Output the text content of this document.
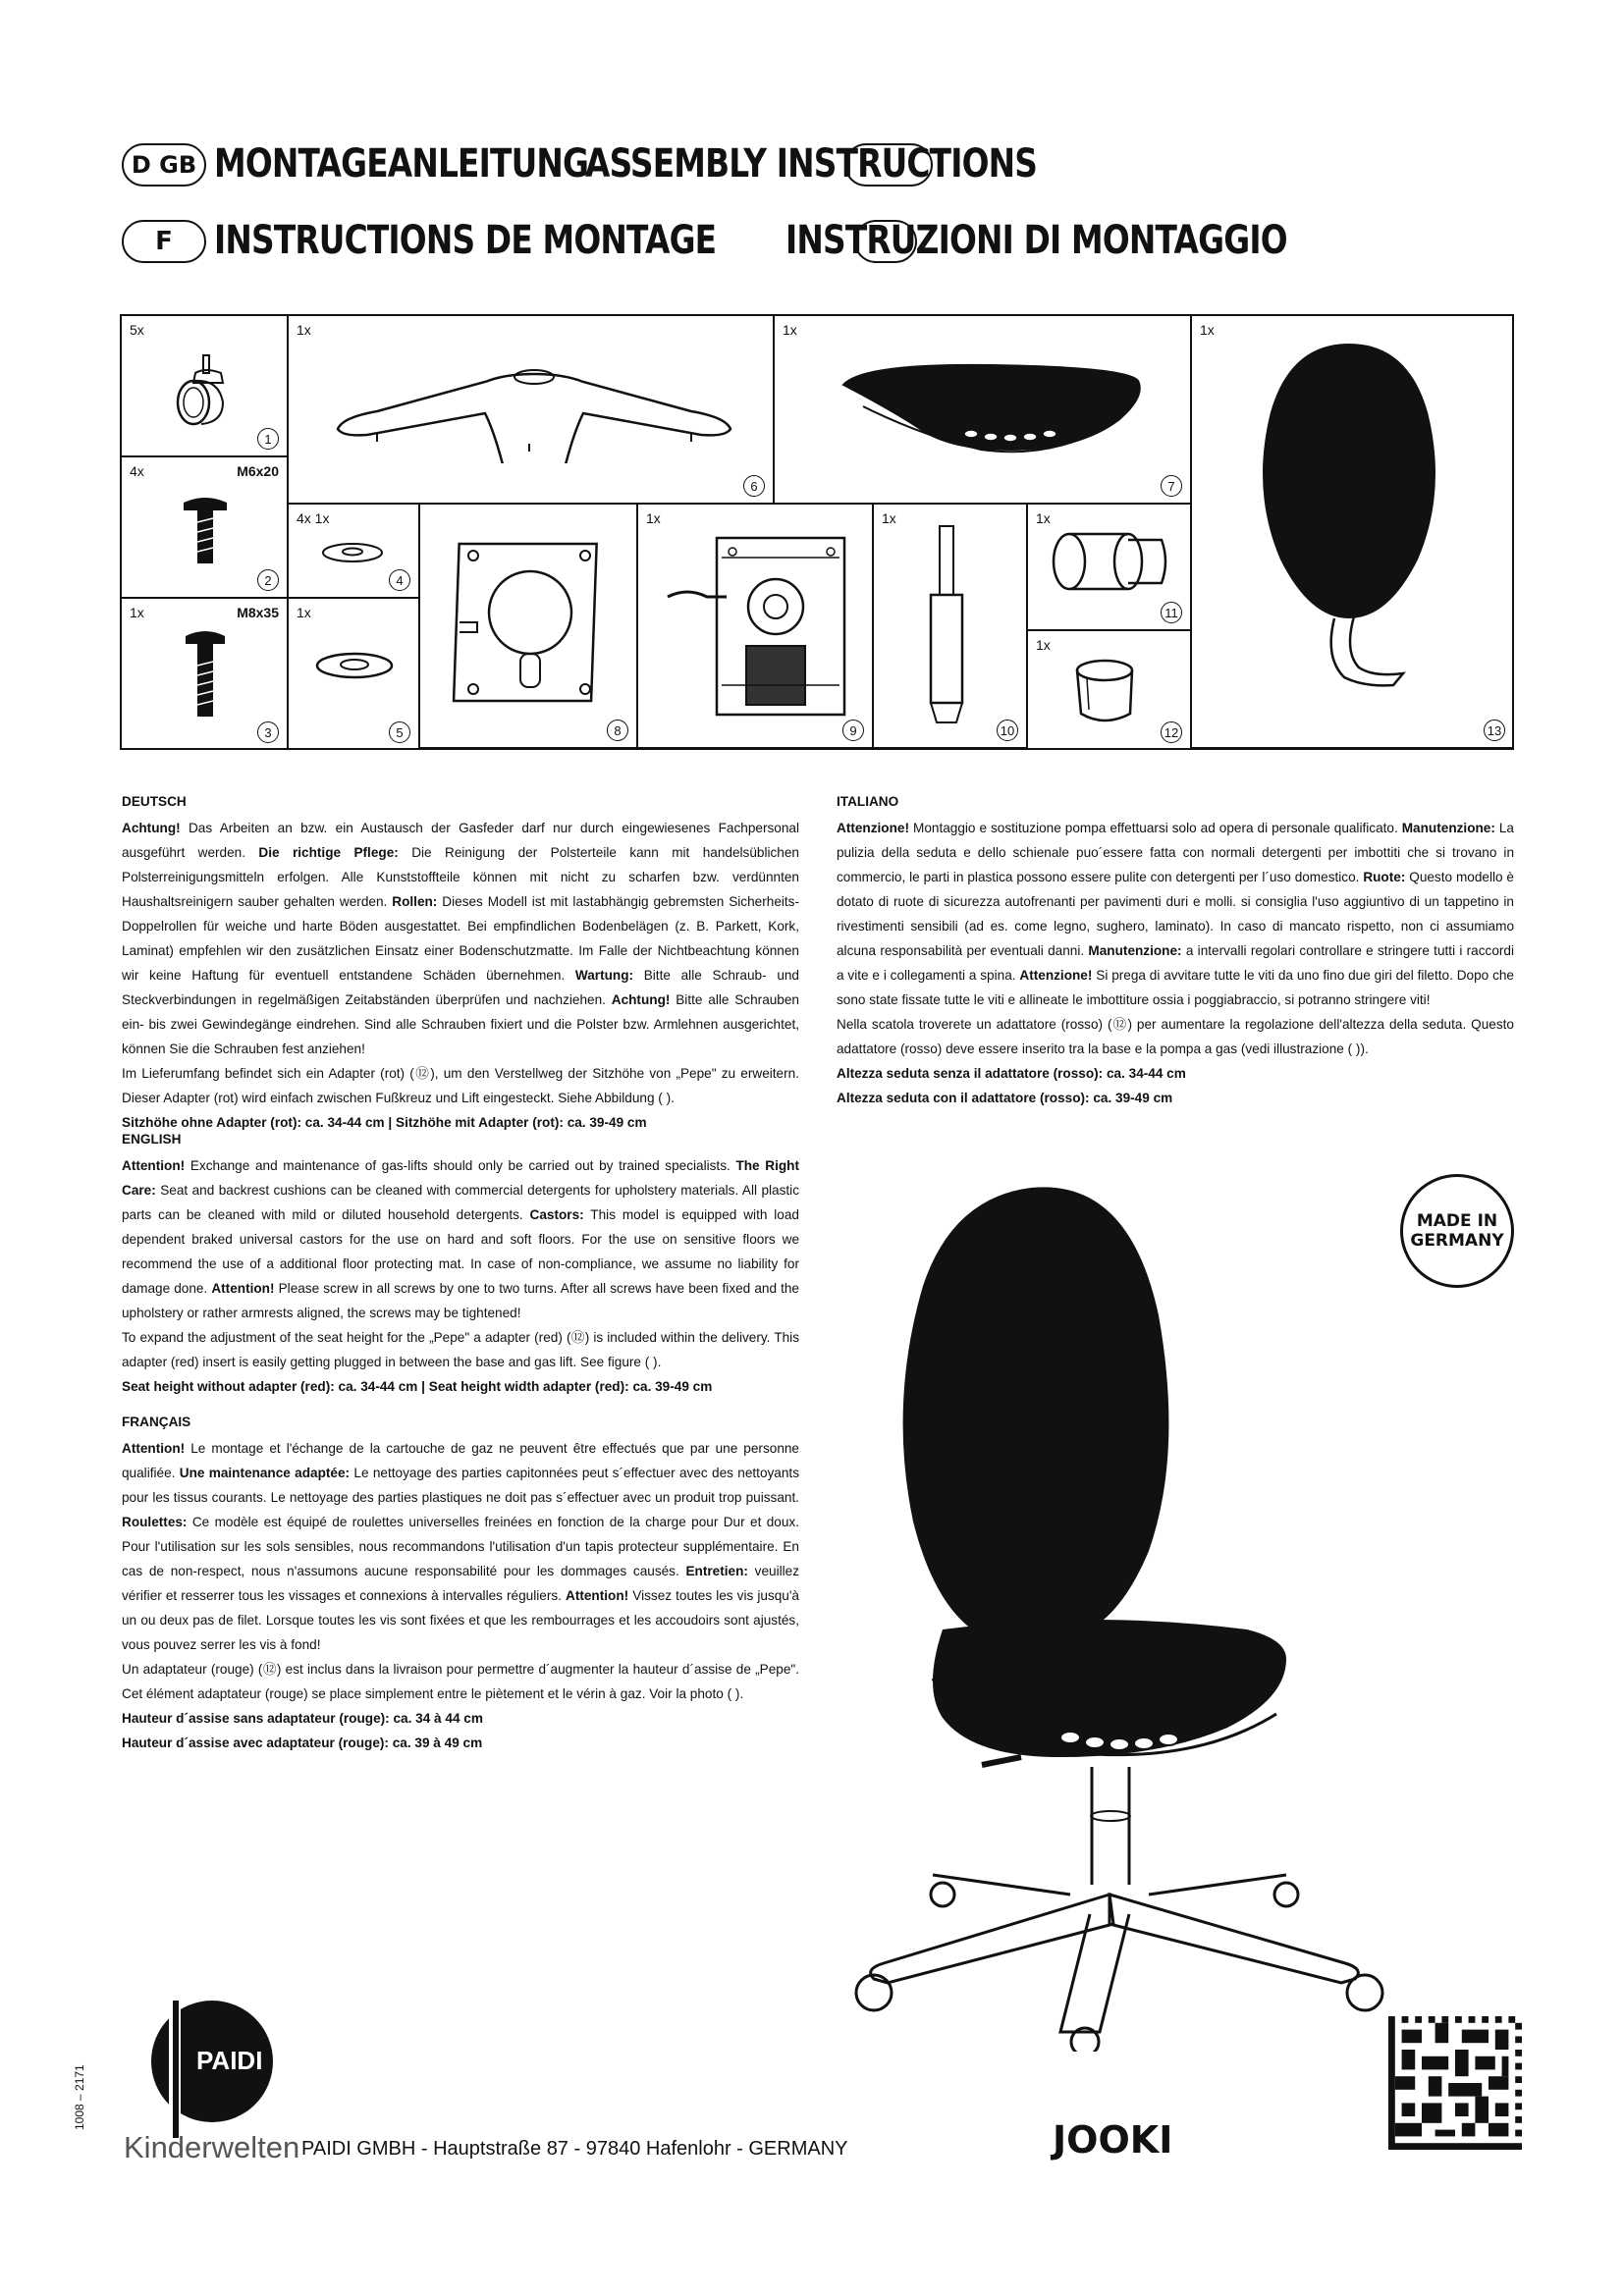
D GB MONTAGEANLEITUNG
ASSEMBLY INSTRUCTIONS
F INSTRUCTIONS DE MONTAGE INSTRUZIONI DI MONTAGGIO
5x
1
1x
6
1x
7
1x
13
4x	M6x20
2
4x 1x
4
8
1x
9
1x
10
1x
11
1x	M8x35
3
1x
5
1x
12
DEUTSCH

Achtung! Das Arbeiten an bzw. ein Austausch der Gasfeder darf nur durch eingewiesenes Fachpersonal ausgeführt werden. Die richtige Pflege: Die Reinigung der Polsterteile kann mit handelsüblichen Polsterreinigungsmitteln erfolgen. Alle Kunststoffteile können mit nicht zu scharfen bzw. verdünnten Haushaltsreinigern sauber gehalten werden. Rollen: Dieses Modell ist mit lastabhängig gebremsten Sicherheits-Doppelrollen für weiche und harte Böden ausgestattet. Bei empfindlichen Bodenbelägen (z. B. Parkett, Kork, Laminat) empfehlen wir den zusätzlichen Einsatz einer Bodenschutzmatte. Im Falle der Nichtbeachtung können wir keine Haftung für eventuell entstandene Schäden übernehmen. Wartung: Bitte alle Schraub- und Steckverbindungen in regelmäßigen Zeitabständen überprüfen und nachziehen. Achtung! Bitte alle Schrauben ein- bis zwei Gewindegänge eindrehen. Sind alle Schrauben fixiert und die Polster bzw. Armlehnen ausgerichtet, können Sie die Schrauben fest anziehen!

Im Lieferumfang befindet sich ein Adapter (rot) (⑫), um den Verstellweg der Sitzhöhe von „Pepe" zu erweitern. Dieser Adapter (rot) wird einfach zwischen Fußkreuz und Lift eingesteckt. Siehe Abbildung ( ).

Sitzhöhe ohne Adapter (rot): ca. 34-44 cm | Sitzhöhe mit Adapter (rot): ca. 39-49 cm

ENGLISH

Attention! Exchange and maintenance of gas-lifts should only be carried out by trained specialists. The Right Care: Seat and backrest cushions can be cleaned with commercial detergents for upholstery materials. All plastic parts can be cleaned with mild or diluted household detergents. Castors: This model is equipped with load dependent braked universal castors for the use on hard and soft floors. For the use on sensitive floors we recommend the use of a additional floor protecting mat. In case of non-compliance, we assume no liability for damage done. Attention! Please screw in all screws by one to two turns. After all screws have been fixed and the upholstery or rather armrests aligned, the screws may be tightened!

To expand the adjustment of the seat height for the „Pepe" a adapter (red) (⑫) is included within the delivery. This adapter (red) insert is easily getting plugged in between the base and gas lift. See figure ( ).

Seat height without adapter (red): ca. 34-44 cm | Seat height width adapter (red): ca. 39-49 cm

FRANÇAIS

Attention! Le montage et l'échange de la cartouche de gaz ne peuvent être effectués que par une personne qualifiée. Une maintenance adaptée: Le nettoyage des parties capitonnées peut s´effectuer avec des nettoyants pour les tissus courants. Le nettoyage des parties plastiques ne doit pas s´effectuer avec un produit trop puissant. Roulettes: Ce modèle est équipé de roulettes universelles freinées en fonction de la charge pour Dur et doux. Pour l'utilisation sur les sols sensibles, nous recommandons l'utilisation d'un tapis protecteur supplémentaire. En cas de non-respect, nous n'assumons aucune responsabilité pour les dommages causés. Entretien: veuillez vérifier et resserrer tous les vissages et connexions à intervalles réguliers. Attention! Vissez toutes les vis jusqu'à un ou deux pas de filet. Lorsque toutes les vis sont fixées et que les rembourrages et les accoudoirs sont ajustés, vous pouvez serrer les vis à fond!

Un adaptateur (rouge) (⑫) est inclus dans la livraison pour permettre d´augmenter la hauteur d´assise de „Pepe". Cet élément adaptateur (rouge) se place simplement entre le piètement et le vérin à gaz. Voir la photo ( ).

Hauteur d´assise sans adaptateur (rouge): ca. 34 à 44 cm

Hauteur d´assise avec adaptateur (rouge): ca. 39 à 49 cm

ITALIANO

Attenzione! Montaggio e sostituzione pompa effettuarsi solo ad opera di personale qualificato. Manutenzione: La pulizia della seduta e dello schienale puo´essere fatta con normali detergenti per imbottiti che si trovano in commercio, le parti in plastica possono essere pulite con detergenti per l´uso domestico. Ruote: Questo modello è dotato di ruote di sicurezza autofrenanti per pavimenti duri e molli. si consiglia l'uso aggiuntivo di un tappetino in rivestimenti sensibili (ad es. come legno, sughero, laminato). In caso di mancato rispetto, non ci assumiamo alcuna responsabilità per eventuali danni. Manutenzione: a intervalli regolari controllare e stringere tutti i raccordi a vite e i collegamenti a spina. Attenzione! Si prega di avvitare tutte le viti da uno fino due giri del filetto. Dopo che sono state fissate tutte le viti e allineate le imbottiture ossia i poggiabraccio, si potranno stringere viti!

Nella scatola troverete un adattatore (rosso) (⑫) per aumentare la regolazione dell'altezza della seduta. Questo adattatore (rosso) deve essere inserito tra la base e la pompa a gas (vedi illustrazione ( )).

Altezza seduta senza il adattatore (rosso): ca. 34-44 cm

Altezza seduta con il adattatore (rosso): ca. 39-49 cm

MADE IN
GERMANY
1008 – 2171
PAIDI
Kinderwelten PAIDI GMBH - Hauptstraße 87 - 97840 Hafenlohr - GERMANY	JOOKI
